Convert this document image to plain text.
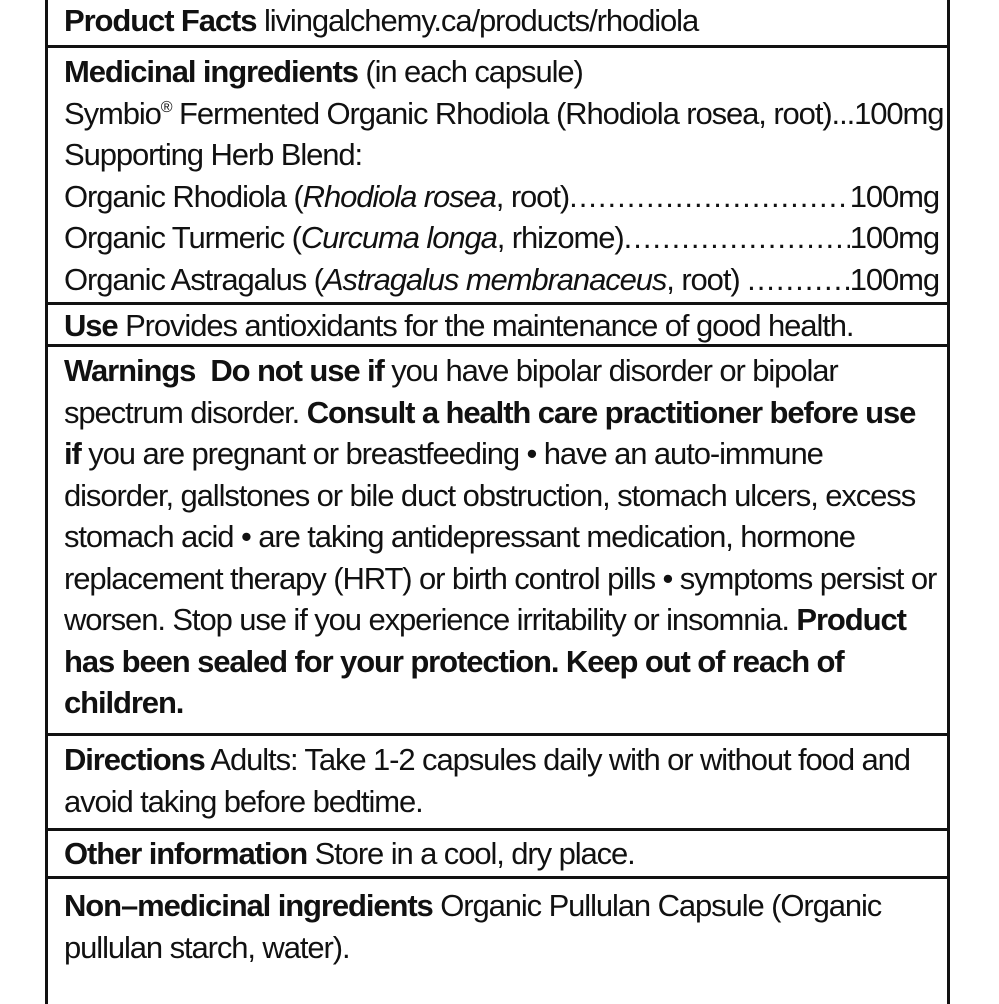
Product Facts livingalchemy.ca/products/rhodiola
Medicinal ingredients (in each capsule)
Symbio® Fermented Organic Rhodiola (Rhodiola rosea, root)...100mg
Supporting Herb Blend:
Organic Rhodiola (Rhodiola rosea, root) .....	100mg
Organic Turmeric (Curcuma longa, rhizome) .....	100mg
Organic Astragalus (Astragalus membranaceus, root) .....	100mg
Use Provides antioxidants for the maintenance of good health.
Warnings Do not use if you have bipolar disorder or bipolar spectrum disorder. Consult a health care practitioner before use if you are pregnant or breastfeeding • have an auto-immune disorder, gallstones or bile duct obstruction, stomach ulcers, excess stomach acid • are taking antidepressant medication, hormone replacement therapy (HRT) or birth control pills • symptoms persist or worsen. Stop use if you experience irritability or insomnia. Product has been sealed for your protection. Keep out of reach of children.
Directions Adults: Take 1-2 capsules daily with or without food and avoid taking before bedtime.
Other information Store in a cool, dry place.
Non–medicinal ingredients Organic Pullulan Capsule (Organic pullulan starch, water).
